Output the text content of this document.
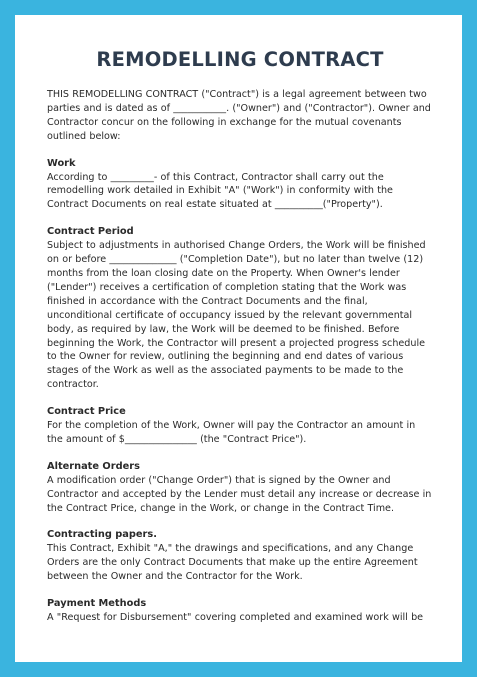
REMODELLING CONTRACT

THIS REMODELLING CONTRACT ("Contract") is a legal agreement between two parties and is dated as of ___________. ("Owner") and ("Contractor"). Owner and Contractor concur on the following in exchange for the mutual covenants outlined below:

Work

According to _________- of this Contract, Contractor shall carry out the remodelling work detailed in Exhibit "A" ("Work") in conformity with the Contract Documents on real estate situated at __________("Property").

Contract Period

Subject to adjustments in authorised Change Orders, the Work will be finished on or before ______________ ("Completion Date"), but no later than twelve (12) months from the loan closing date on the Property. When Owner's lender ("Lender") receives a certification of completion stating that the Work was finished in accordance with the Contract Documents and the final, unconditional certificate of occupancy issued by the relevant governmental body, as required by law, the Work will be deemed to be finished. Before beginning the Work, the Contractor will present a projected progress schedule to the Owner for review, outlining the beginning and end dates of various stages of the Work as well as the associated payments to be made to the contractor.

Contract Price

For the completion of the Work, Owner will pay the Contractor an amount in the amount of $_______________ (the "Contract Price").

Alternate Orders

A modification order ("Change Order") that is signed by the Owner and Contractor and accepted by the Lender must detail any increase or decrease in the Contract Price, change in the Work, or change in the Contract Time.

Contracting papers.

This Contract, Exhibit "A," the drawings and specifications, and any Change Orders are the only Contract Documents that make up the entire Agreement between the Owner and the Contractor for the Work.

Payment Methods

A "Request for Disbursement" covering completed and examined work will be
